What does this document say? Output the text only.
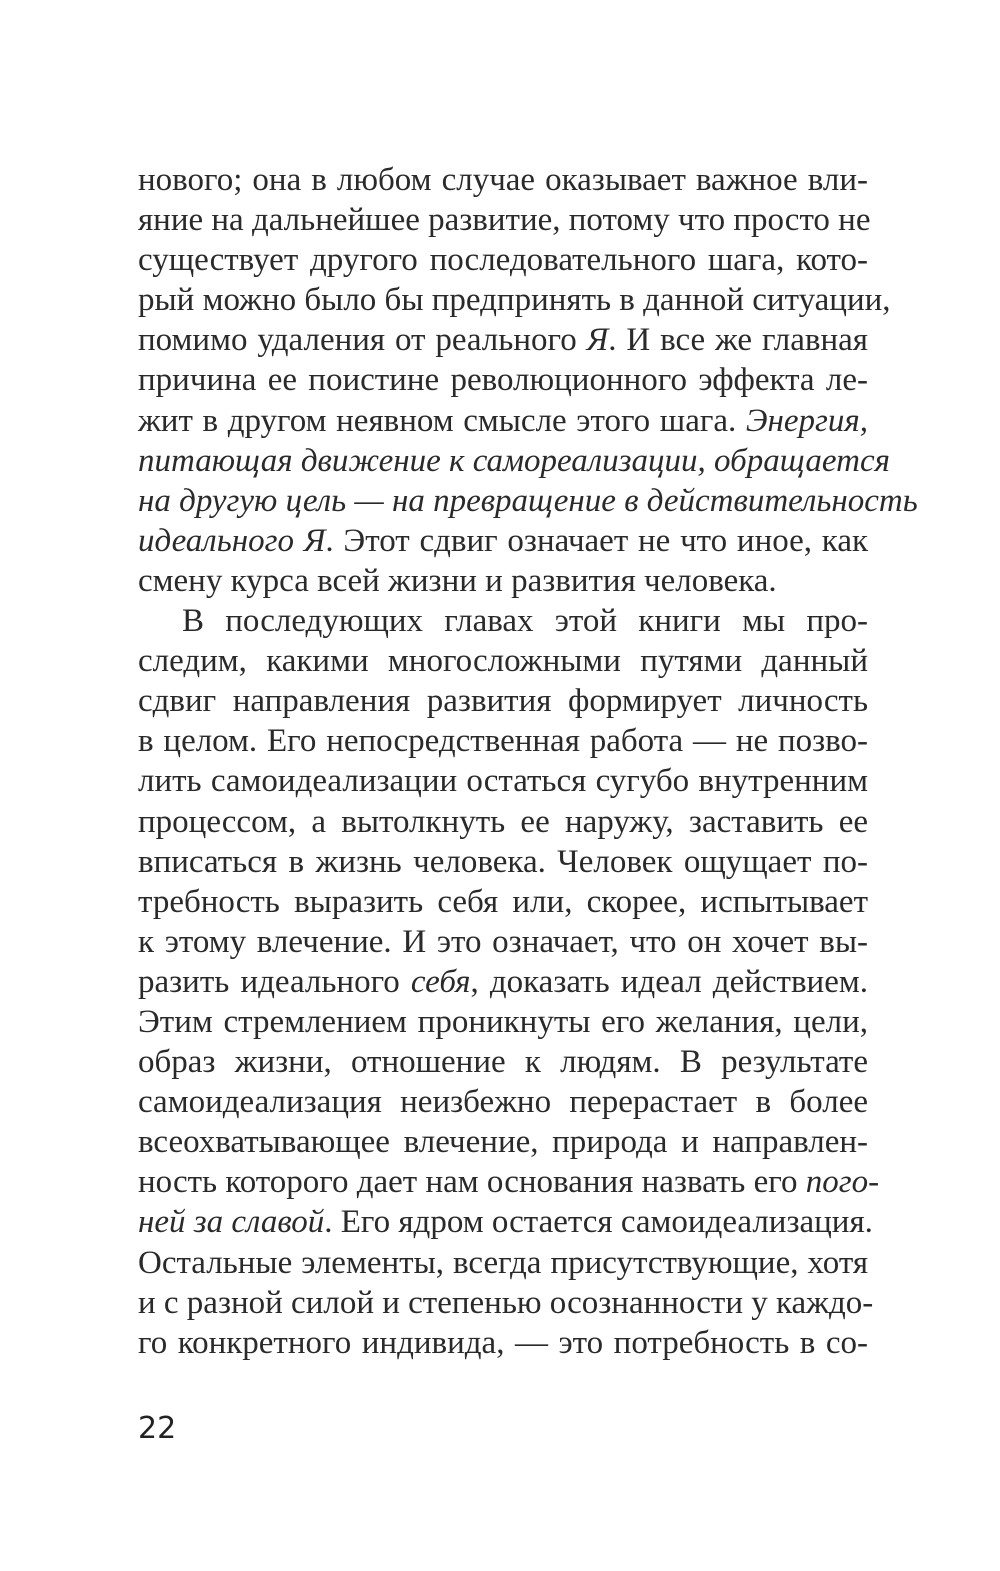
нового; она в любом случае оказывает важное вли-
яние на дальнейшее развитие, потому что просто не
существует другого последовательного шага, кото-
рый можно было бы предпринять в данной ситуации,
помимо удаления от реального Я. И все же главная
причина ее поистине революционного эффекта ле-
жит в другом неявном смысле этого шага. Энергия,
питающая движение к самореализации, обращается
на другую цель — на превращение в действительность
идеального Я. Этот сдвиг означает не что иное, как
смену курса всей жизни и развития человека.
В последующих главах этой книги мы про-
следим, какими многосложными путями данный
сдвиг направления развития формирует личность
в целом. Его непосредственная работа — не позво-
лить самоидеализации остаться сугубо внутренним
процессом, а вытолкнуть ее наружу, заставить ее
вписаться в жизнь человека. Человек ощущает по-
требность выразить себя или, скорее, испытывает
к этому влечение. И это означает, что он хочет вы-
разить идеального себя, доказать идеал действием.
Этим стремлением проникнуты его желания, цели,
образ жизни, отношение к людям. В результате
самоидеализация неизбежно перерастает в более
всеохватывающее влечение, природа и направлен-
ность которого дает нам основания назвать его пого-
ней за славой. Его ядром остается самоидеализация.
Остальные элементы, всегда присутствующие, хотя
и с разной силой и степенью осознанности у каждо-
го конкретного индивида, — это потребность в со-
22
